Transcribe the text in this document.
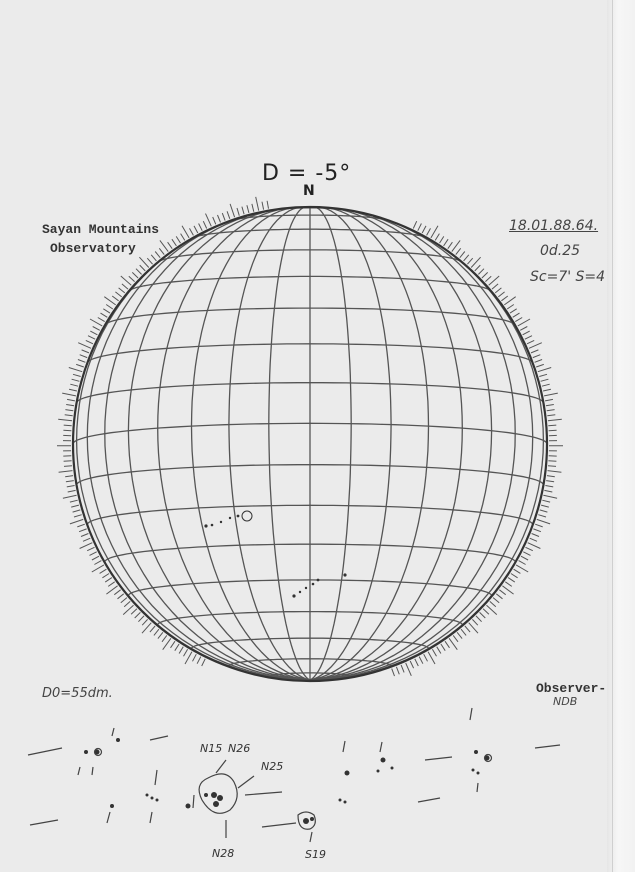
N15 N26
N25
N28	S19
D = -5°
N
Sayan Mountains
Observatory
18.01.88.64.
0d.25
Sc=7' S=4
D0=55dm.	Observer-
NDB
